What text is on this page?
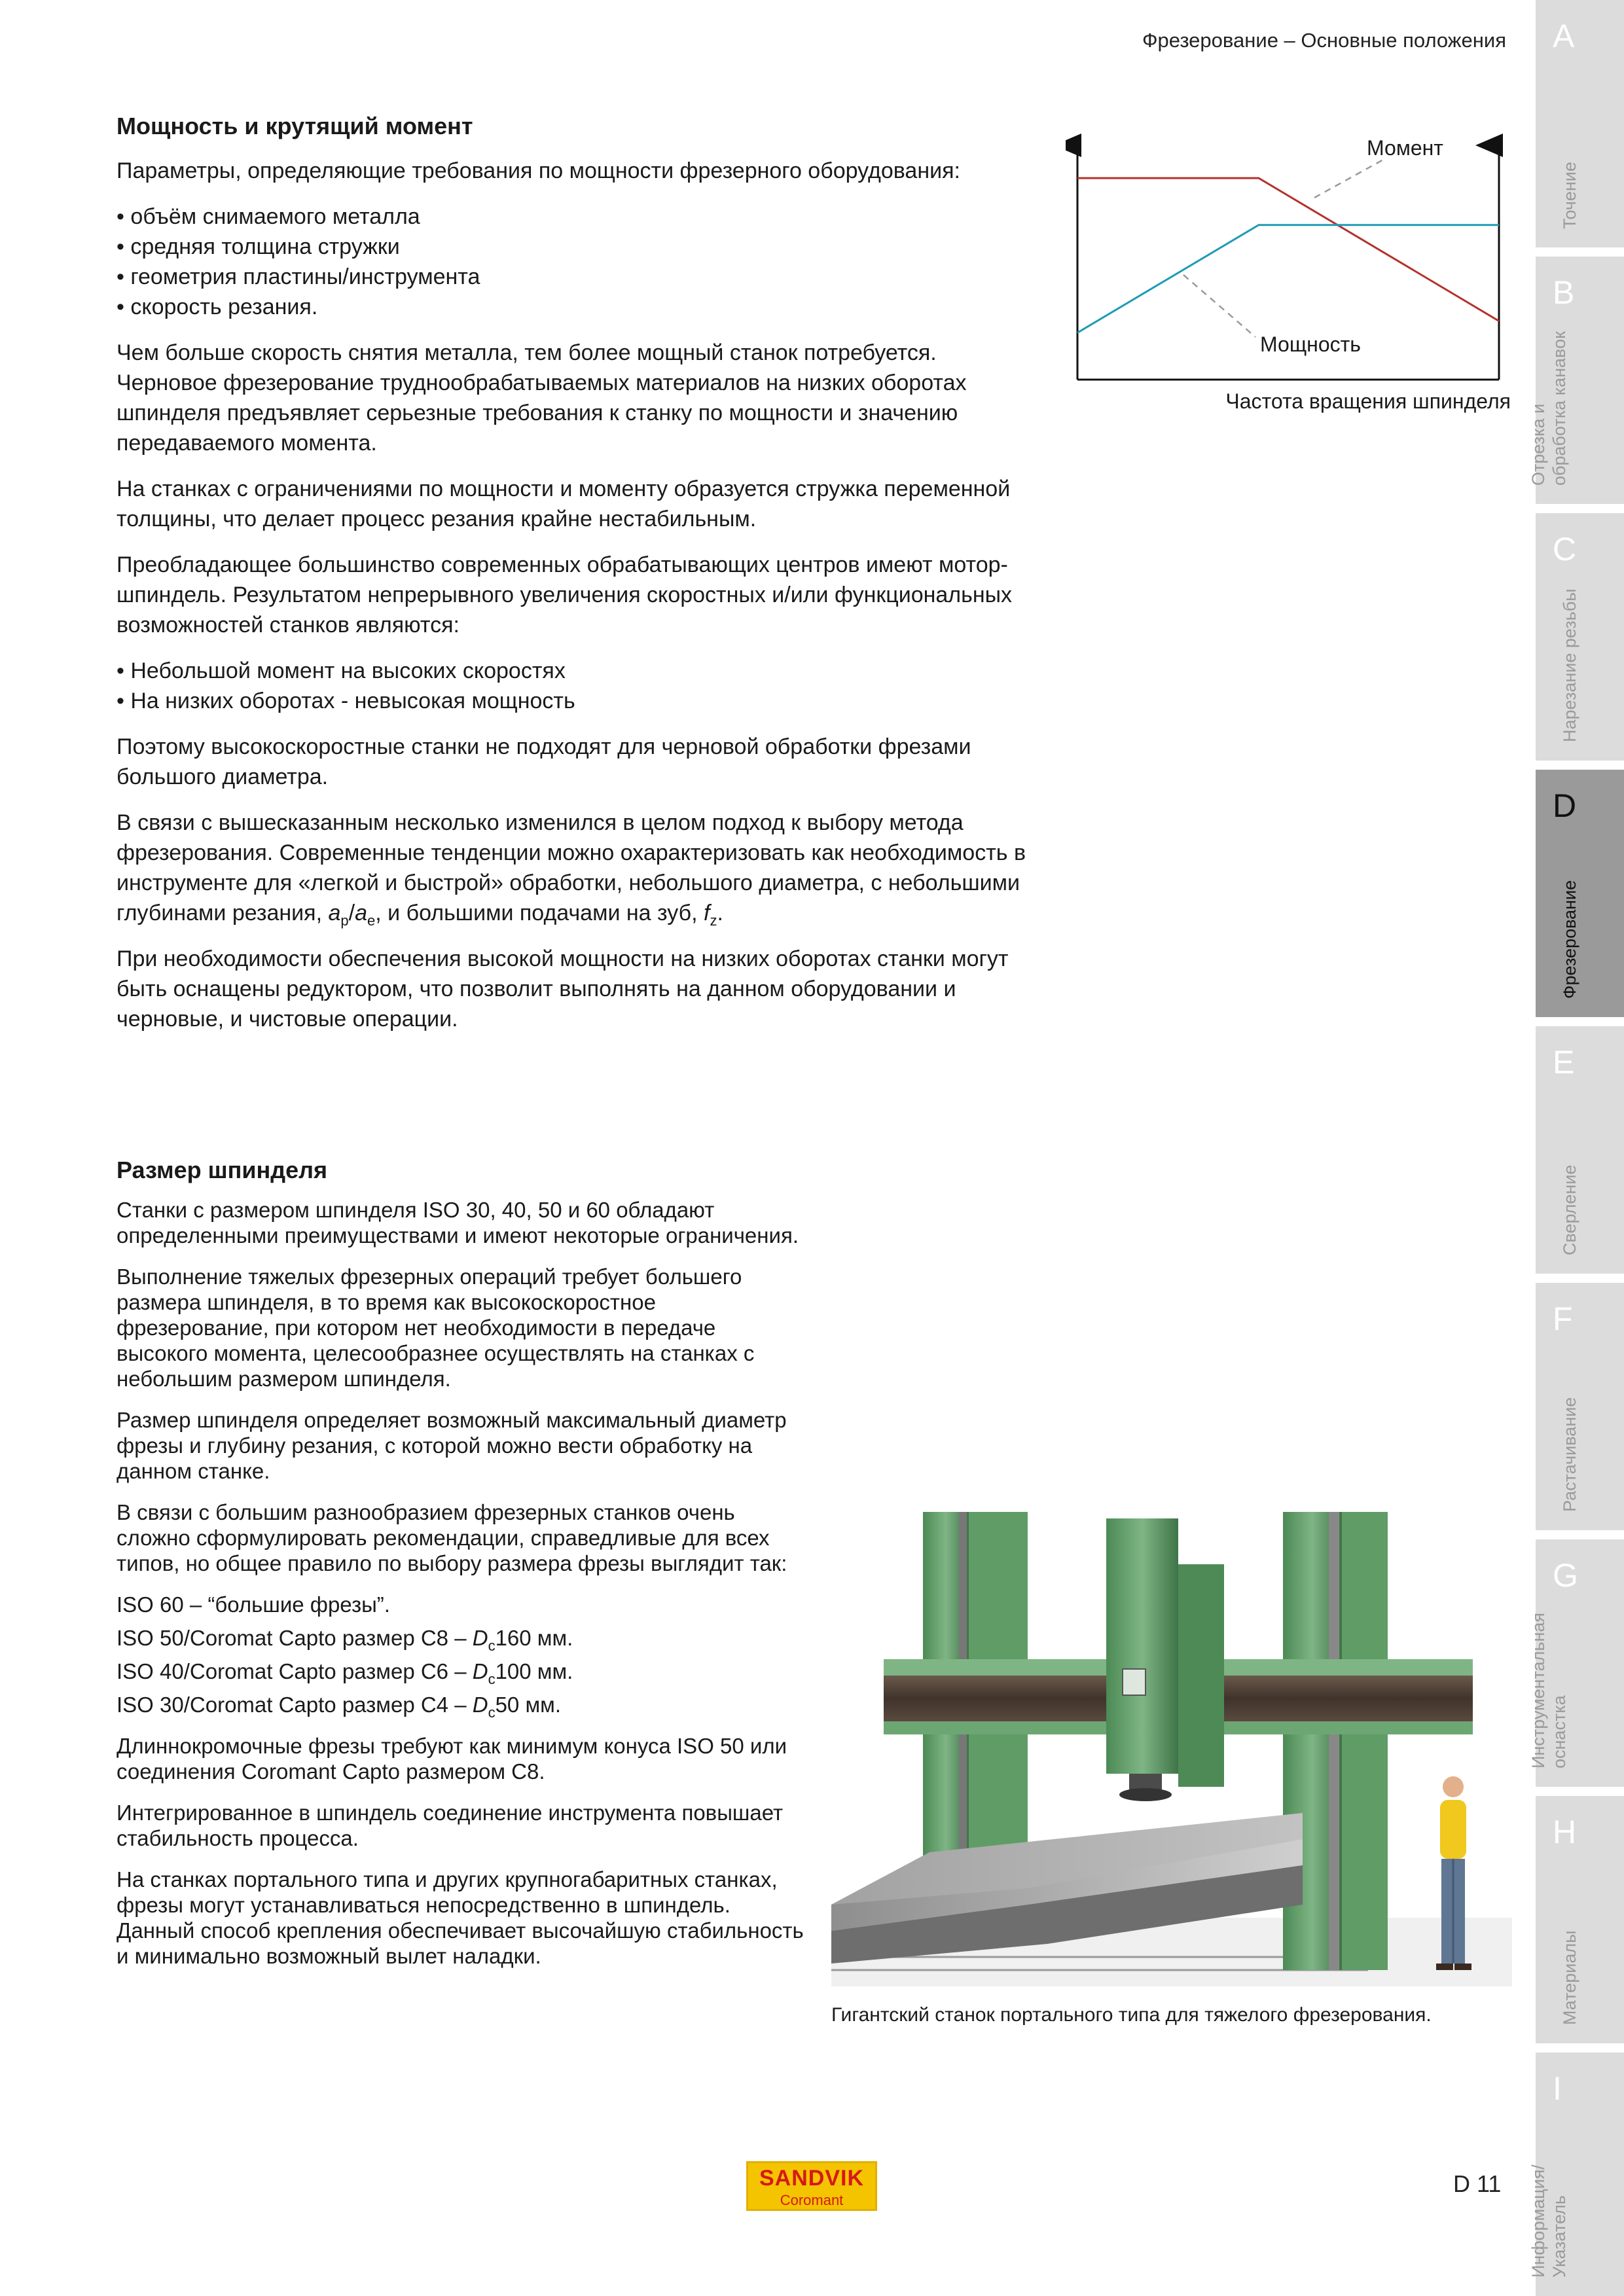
Фрезерование – Основные положения
Мощность и крутящий момент

Параметры, определяющие требования по мощности фрезерного оборудования:

• объём снимаемого металла
• средняя толщина стружки
• геометрия пластины/инструмента
• скорость резания.

Чем больше скорость снятия металла, тем более мощный станок потребуется. Черновое фрезерование труднообрабатываемых материалов на низких оборотах шпинделя предъявляет серьезные требования к станку по мощности и значению передаваемого момента.

На станках с ограничениями по мощности и моменту образуется стружка переменной толщины, что делает процесс резания крайне нестабильным.

Преобладающее большинство современных обрабатывающих центров имеют мотор-шпиндель. Результатом непрерывного увеличения скоростных и/или функциональных возможностей станков являются:

• Небольшой момент на высоких скоростях
• На низких оборотах - невысокая мощность

Поэтому высокоскоростные станки не подходят для черновой обработки фрезами большого диаметра.

В связи с вышесказанным несколько изменился в целом подход к выбору метода фрезерования. Современные тенденции можно охарактеризовать как необходимость в инструменте для «легкой и быстрой» обработки, небольшого диаметра, с небольшими глубинами резания, $a_p/a_e$, и большими подачами на зуб, $f_z$.

При необходимости обеспечения высокой мощности на низких оборотах станки могут быть оснащены редуктором, что позволит выполнять на данном оборудовании и черновые, и чистовые операции.

Момент
Мощность
Частота вращения шпинделя
Размер шпинделя

Станки с размером шпинделя ISO 30, 40, 50 и 60 обладают определенными преимуществами и имеют некоторые ограничения.

Выполнение тяжелых фрезерных операций требует большего размера шпинделя, в то время как высокоскоростное фрезерование, при котором нет необходимости в передаче высокого момента, целесообразнее осуществлять на станках с небольшим размером шпинделя.

Размер шпинделя определяет возможный максимальный диаметр фрезы и глубину резания, с которой можно вести обработку на данном станке.

В связи с большим разнообразием фрезерных станков очень сложно сформулировать рекомендации, справедливые для всех типов, но общее правило по выбору размера фрезы выглядит так:

ISO 60 – “большие фрезы”.
ISO 50/Coromat Capto размер $C8 - D_c160$ мм.
ISO 40/Coromat Capto размер $C6 - D_c100$ мм.
ISO 30/Coromat Capto размер $C4 - D_c50$ мм.

Длиннокромочные фрезы требуют как минимум конуса ISO 50 или соединения Coromant Capto размером C8.

Интегрированное в шпиндель соединение инструмента повышает стабильность процесса.

На станках портального типа и других крупногабаритных станках, фрезы могут устанавливаться непосредственно в шпиндель. Данный способ крепления обеспечивает высочайшую стабильность и минимально возможный вылет наладки.

Гигантский станок портального типа для тяжелого фрезерования.
A
Точение
B
Отрезка и обработка канавок
C
Нарезание резьбы
D
Фрезерование
E
Сверление
F
Растачивание
G
Инструментальная оснастка
H
Материалы
I
Информация/ Указатель
SANDVIK
Coromant
D 11
